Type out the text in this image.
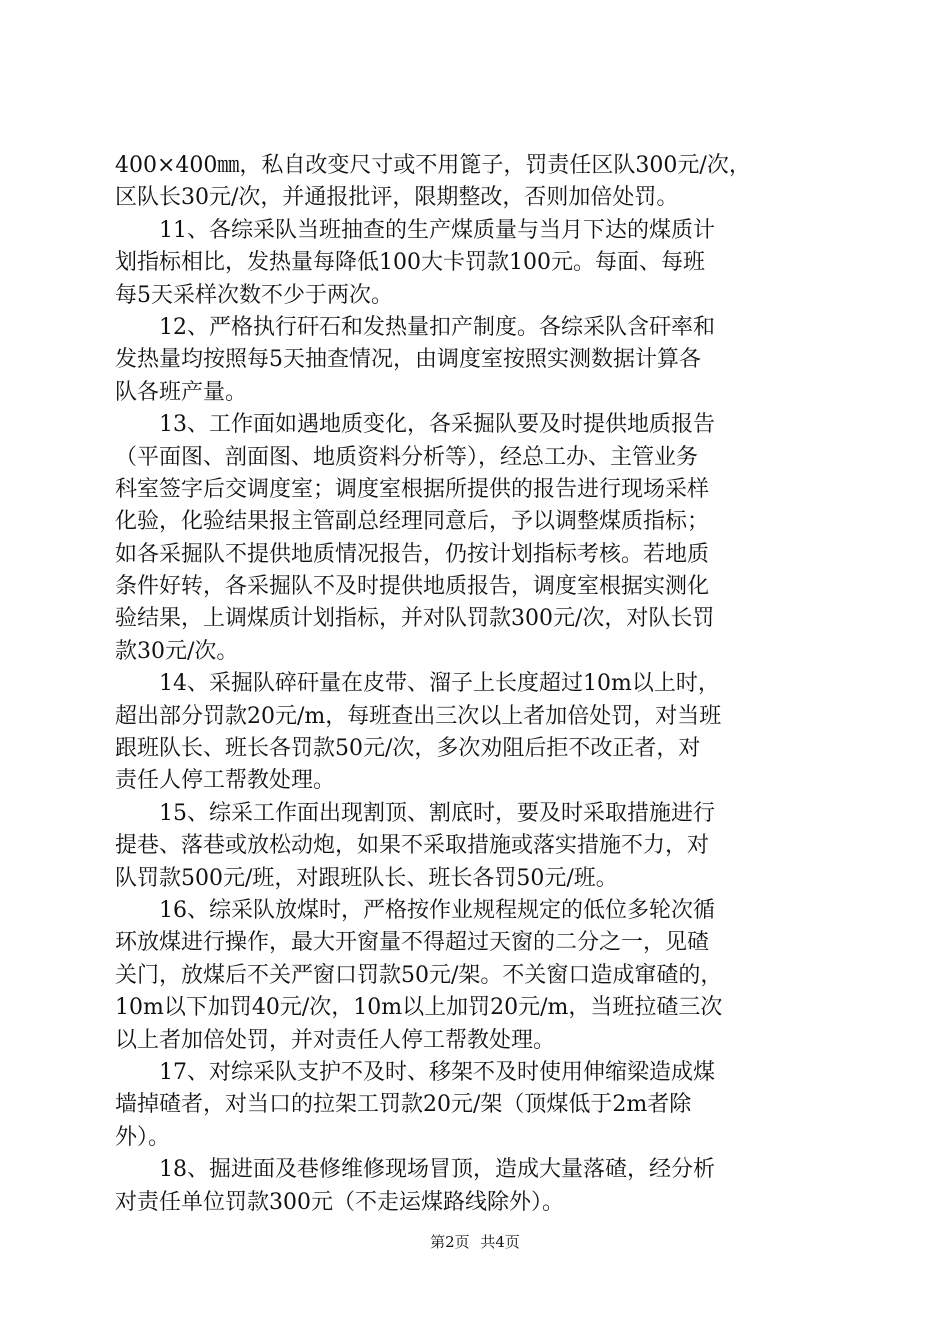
400×400㎜，私自改变尺寸或不用篦子，罚责任区队300元/次，
区队长30元/次，并通报批评，限期整改，否则加倍处罚。
11、各综采队当班抽查的生产煤质量与当月下达的煤质计
划指标相比，发热量每降低100大卡罚款100元。每面、每班
每5天采样次数不少于两次。
12、严格执行矸石和发热量扣产制度。各综采队含矸率和
发热量均按照每5天抽查情况，由调度室按照实测数据计算各
队各班产量。
13、工作面如遇地质变化，各采掘队要及时提供地质报告
（平面图、剖面图、地质资料分析等），经总工办、主管业务
科室签字后交调度室；调度室根据所提供的报告进行现场采样
化验，化验结果报主管副总经理同意后，予以调整煤质指标；
如各采掘队不提供地质情况报告，仍按计划指标考核。若地质
条件好转，各采掘队不及时提供地质报告，调度室根据实测化
验结果，上调煤质计划指标，并对队罚款300元/次，对队长罚
款30元/次。
14、采掘队碎矸量在皮带、溜子上长度超过10m以上时，
超出部分罚款20元/m，每班查出三次以上者加倍处罚，对当班
跟班队长、班长各罚款50元/次，多次劝阻后拒不改正者，对
责任人停工帮教处理。
15、综采工作面出现割顶、割底时，要及时采取措施进行
提巷、落巷或放松动炮，如果不采取措施或落实措施不力，对
队罚款500元/班，对跟班队长、班长各罚50元/班。
16、综采队放煤时，严格按作业规程规定的低位多轮次循
环放煤进行操作，最大开窗量不得超过天窗的二分之一，见碴
关门，放煤后不关严窗口罚款50元/架。不关窗口造成窜碴的，
10m以下加罚40元/次，10m以上加罚20元/m，当班拉碴三次
以上者加倍处罚，并对责任人停工帮教处理。
17、对综采队支护不及时、移架不及时使用伸缩梁造成煤
墙掉碴者，对当口的拉架工罚款20元/架（顶煤低于2m者除
外）。
18、掘进面及巷修维修现场冒顶，造成大量落碴，经分析
对责任单位罚款300元（不走运煤路线除外）。
第2页 共4页
